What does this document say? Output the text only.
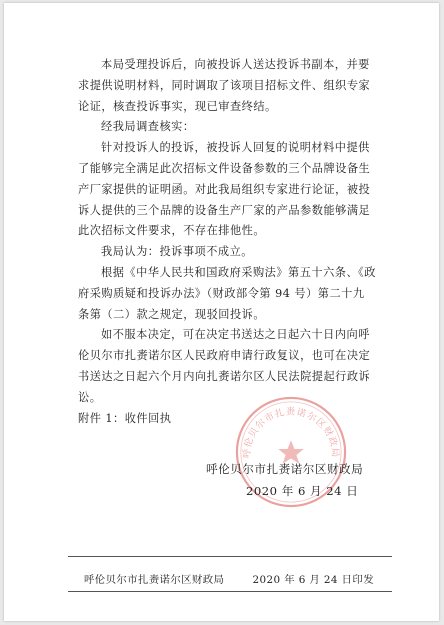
本局受理投诉后，向被投诉人送达投诉书副本，并要求提供说明材料，同时调取了该项目招标文件、组织专家论证，核查投诉事实，现已审查终结。

经我局调查核实：

针对投诉人的投诉，被投诉人回复的说明材料中提供了能够完全满足此次招标文件设备参数的三个品牌设备生产厂家提供的证明函。对此我局组织专家进行论证，被投诉人提供的三个品牌的设备生产厂家的产品参数能够满足此次招标文件要求，不存在排他性。

我局认为：投诉事项不成立。

根据《中华人民共和国政府采购法》第五十六条、《政府采购质疑和投诉办法》（财政部令第 94 号）第二十九条第（二）款之规定，现驳回投诉。

如不服本决定，可在决定书送达之日起六十日内向呼伦贝尔市扎赉诺尔区人民政府申请行政复议，也可在决定书送达之日起六个月内向扎赉诺尔区人民法院提起行政诉讼。

附件 1：收件回执

呼伦贝尔市扎赉诺尔区财政局
呼伦贝尔市扎赉诺尔区财政局
2020 年 6 月 24 日
呼伦贝尔市扎赉诺尔区财政局	2020 年 6 月 24 日印发
